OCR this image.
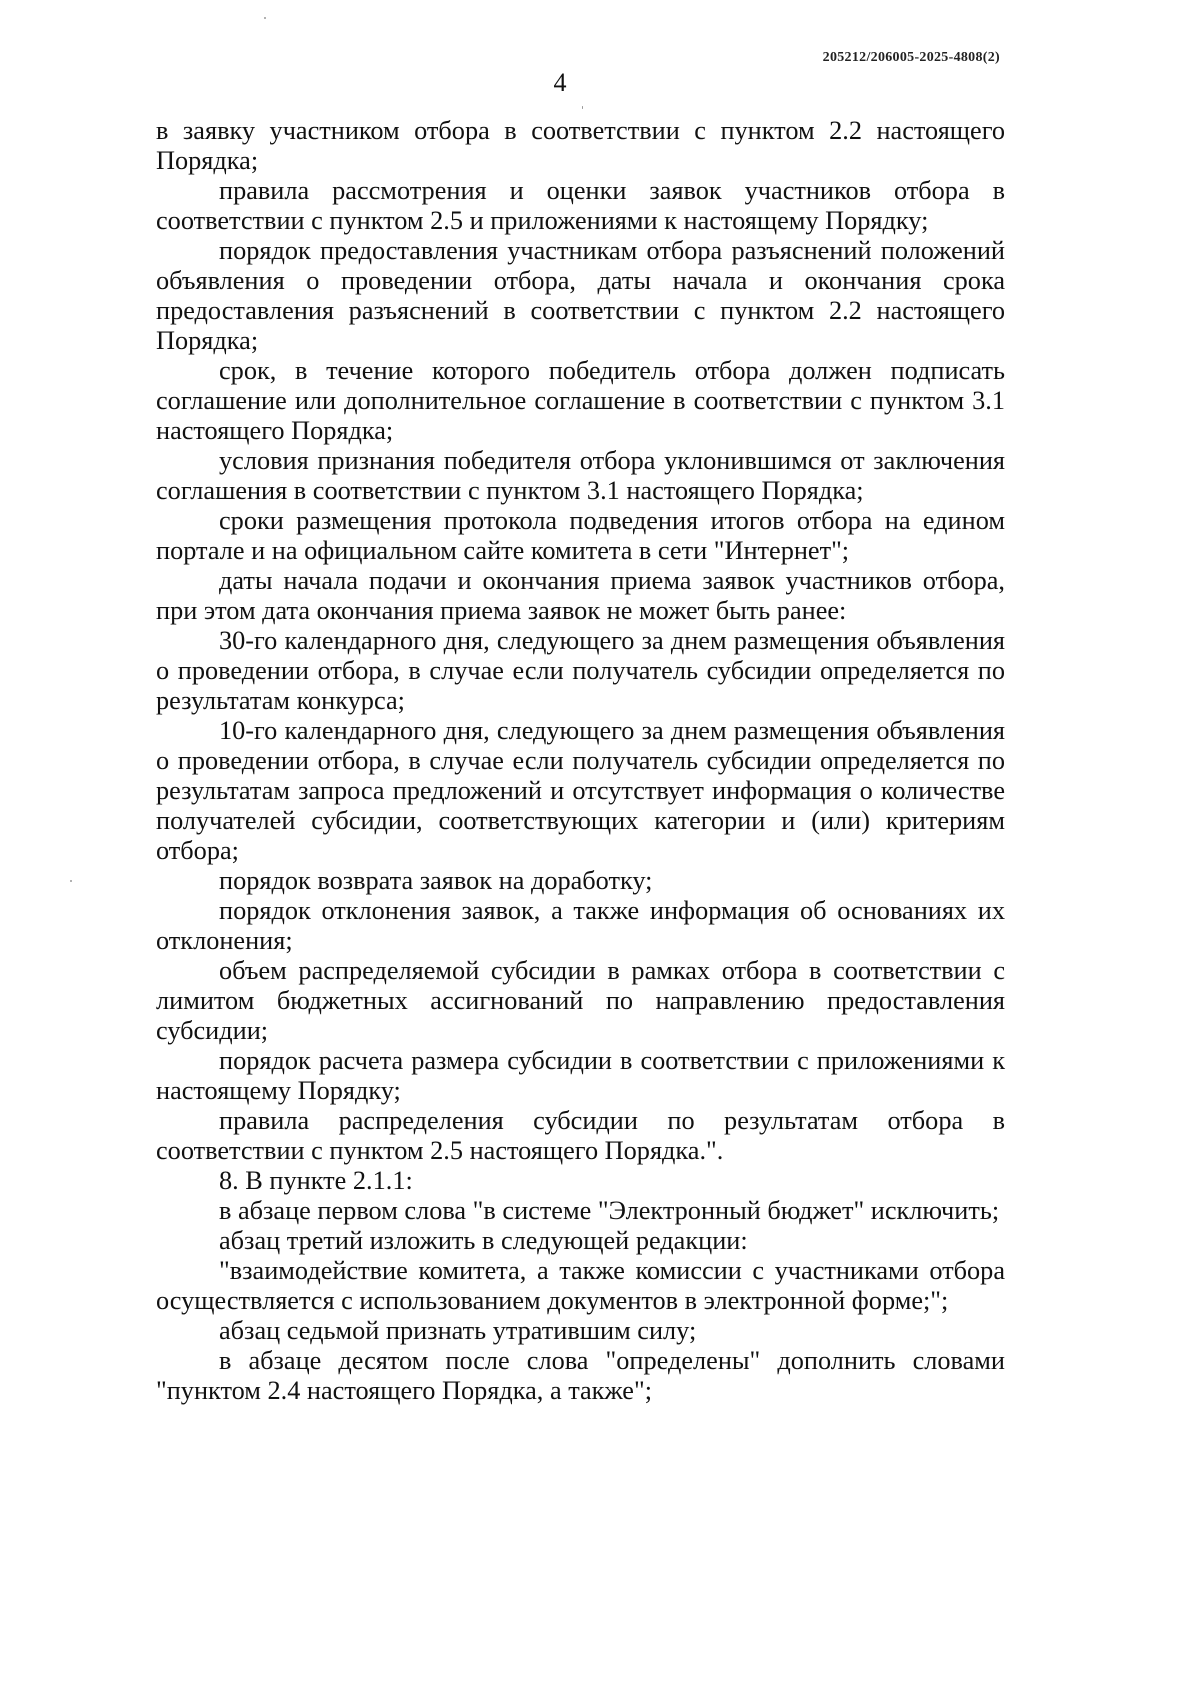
205212/206005-2025-4808(2)
4

в заявку участником отбора в соответствии с пунктом 2.2 настоящего Порядка;

правила рассмотрения и оценки заявок участников отбора в соответствии с пунктом 2.5 и приложениями к настоящему Порядку;

порядок предоставления участникам отбора разъяснений положений объявления о проведении отбора, даты начала и окончания срока предоставления разъяснений в соответствии с пунктом 2.2 настоящего Порядка;

срок, в течение которого победитель отбора должен подписать соглашение или дополнительное соглашение в соответствии с пунктом 3.1 настоящего Порядка;

условия признания победителя отбора уклонившимся от заключения соглашения в соответствии с пунктом 3.1 настоящего Порядка;

сроки размещения протокола подведения итогов отбора на едином портале и на официальном сайте комитета в сети "Интернет";

даты начала подачи и окончания приема заявок участников отбора, при этом дата окончания приема заявок не может быть ранее:

30-го календарного дня, следующего за днем размещения объявления о проведении отбора, в случае если получатель субсидии определяется по результатам конкурса;

10-го календарного дня, следующего за днем размещения объявления о проведении отбора, в случае если получатель субсидии определяется по результатам запроса предложений и отсутствует информация о количестве получателей субсидии, соответствующих категории и (или) критериям отбора;

порядок возврата заявок на доработку;

порядок отклонения заявок, а также информация об основаниях их отклонения;

объем распределяемой субсидии в рамках отбора в соответствии с лимитом бюджетных ассигнований по направлению предоставления субсидии;

порядок расчета размера субсидии в соответствии с приложениями к настоящему Порядку;

правила распределения субсидии по результатам отбора в соответствии с пунктом 2.5 настоящего Порядка.".

8. В пункте 2.1.1:

в абзаце первом слова "в системе "Электронный бюджет" исключить;

абзац третий изложить в следующей редакции:

"взаимодействие комитета, а также комиссии с участниками отбора осуществляется с использованием документов в электронной форме;";

абзац седьмой признать утратившим силу;

в абзаце десятом после слова "определены" дополнить словами "пунктом 2.4 настоящего Порядка, а также";
